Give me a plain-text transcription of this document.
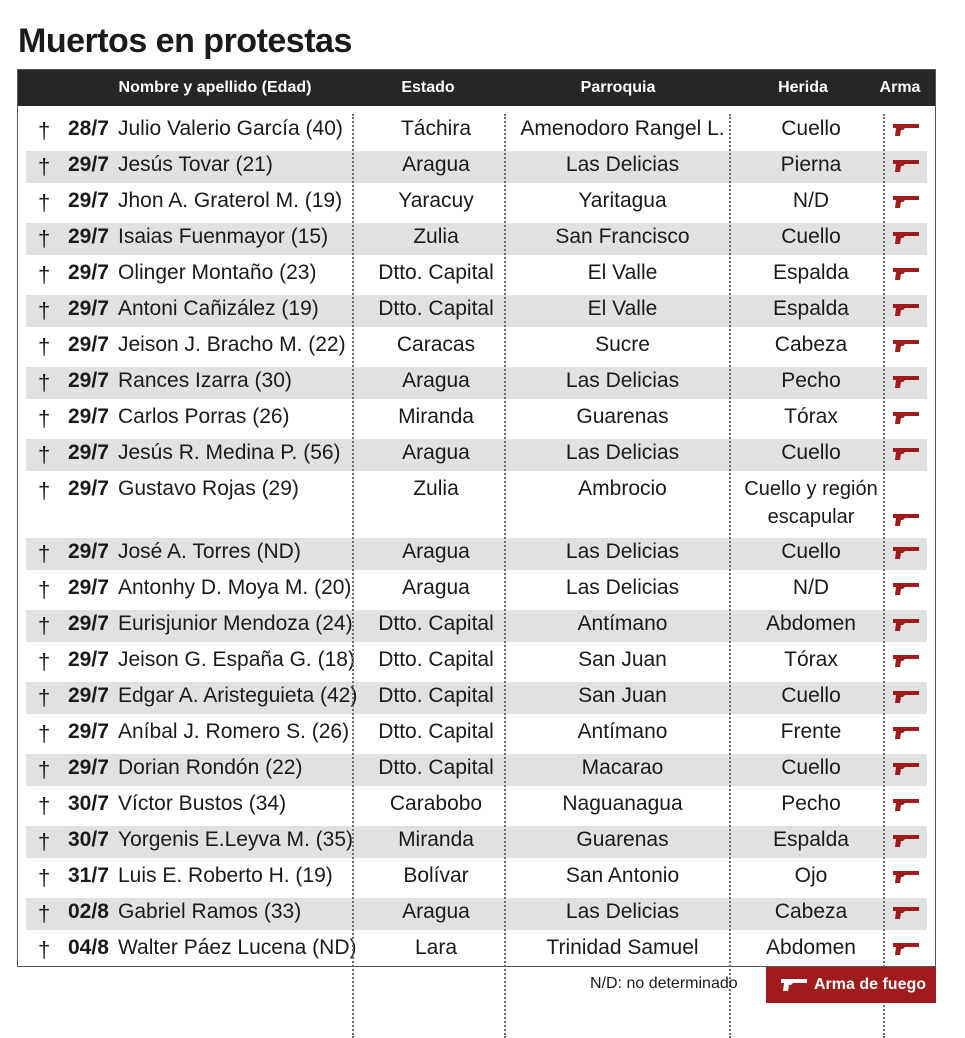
Muertos en protestas
Nombre y apellido (Edad)	Estado	Parroquia	Herida	Arma
† 28/7 Julio Valerio García (40)	Táchira	Amenodoro Rangel L.	Cuello
† 29/7 Jesús Tovar (21)	Aragua	Las Delicias	Pierna
† 29/7 Jhon A. Graterol M. (19)	Yaracuy	Yaritagua	N/D
† 29/7 Isaias Fuenmayor (15)	Zulia	San Francisco	Cuello
† 29/7 Olinger Montaño (23)	Dtto. Capital	El Valle	Espalda
† 29/7 Antoni Cañizález (19)	Dtto. Capital	El Valle	Espalda
† 29/7 Jeison J. Bracho M. (22)	Caracas	Sucre	Cabeza
† 29/7 Rances Izarra (30)	Aragua	Las Delicias	Pecho
† 29/7 Carlos Porras (26)	Miranda	Guarenas	Tórax
† 29/7 Jesús R. Medina P. (56)	Aragua	Las Delicias	Cuello
† 29/7 Gustavo Rojas (29)	Zulia	Ambrocio	Cuello y región escapular
† 29/7 José A. Torres (ND)	Aragua	Las Delicias	Cuello
† 29/7 Antonhy D. Moya M. (20)	Aragua	Las Delicias	N/D
† 29/7 Eurisjunior Mendoza (24)	Dtto. Capital	Antímano	Abdomen
† 29/7 Jeison G. España G. (18)	Dtto. Capital	San Juan	Tórax
† 29/7 Edgar A. Aristeguieta (42) Dtto. Capital	San Juan	Cuello
† 29/7 Aníbal J. Romero S. (26)	Dtto. Capital	Antímano	Frente
† 29/7 Dorian Rondón (22)	Dtto. Capital	Macarao	Cuello
† 30/7 Víctor Bustos (34)	Carabobo	Naguanagua	Pecho
† 30/7 Yorgenis E.Leyva M. (35)	Miranda	Guarenas	Espalda
† 31/7 Luis E. Roberto H. (19)	Bolívar	San Antonio	Ojo
† 02/8 Gabriel Ramos (33)	Aragua	Las Delicias	Cabeza
† 04/8 Walter Páez Lucena (ND)	Lara	Trinidad Samuel	Abdomen
N/D: no determinado	Arma de fuego
